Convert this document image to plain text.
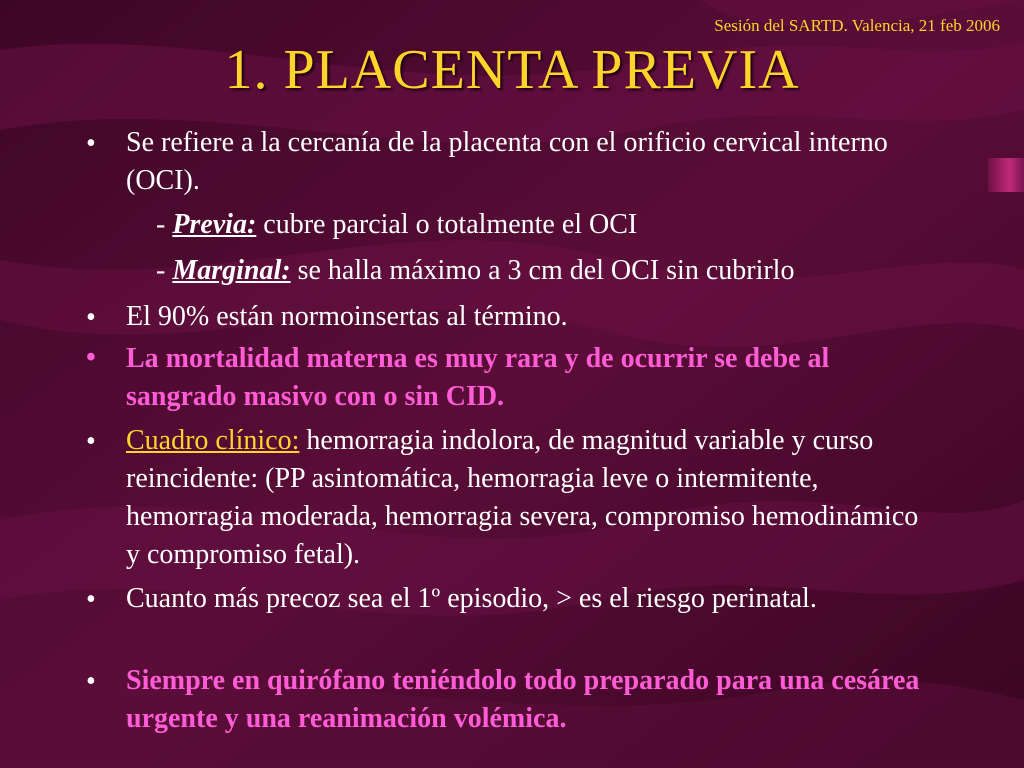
Sesión del SARTD. Valencia, 21 feb 2006
1. PLACENTA PREVIA
• Se refiere a la cercanía de la placenta con el orificio cervical interno (OCI).
- Previa: cubre parcial o totalmente el OCI
- Marginal: se halla máximo a 3 cm del OCI sin cubrirlo
• El 90% están normoinsertas al término.
• La mortalidad materna es muy rara y de ocurrir se debe al sangrado masivo con o sin CID.
• Cuadro clínico: hemorragia indolora, de magnitud variable y curso reincidente: (PP asintomática, hemorragia leve o intermitente, hemorragia moderada, hemorragia severa, compromiso hemodinámico y compromiso fetal).
• Cuanto más precoz sea el 1º episodio, > es el riesgo perinatal.
• Siempre en quirófano teniéndolo todo preparado para una cesárea urgente y una reanimación volémica.
